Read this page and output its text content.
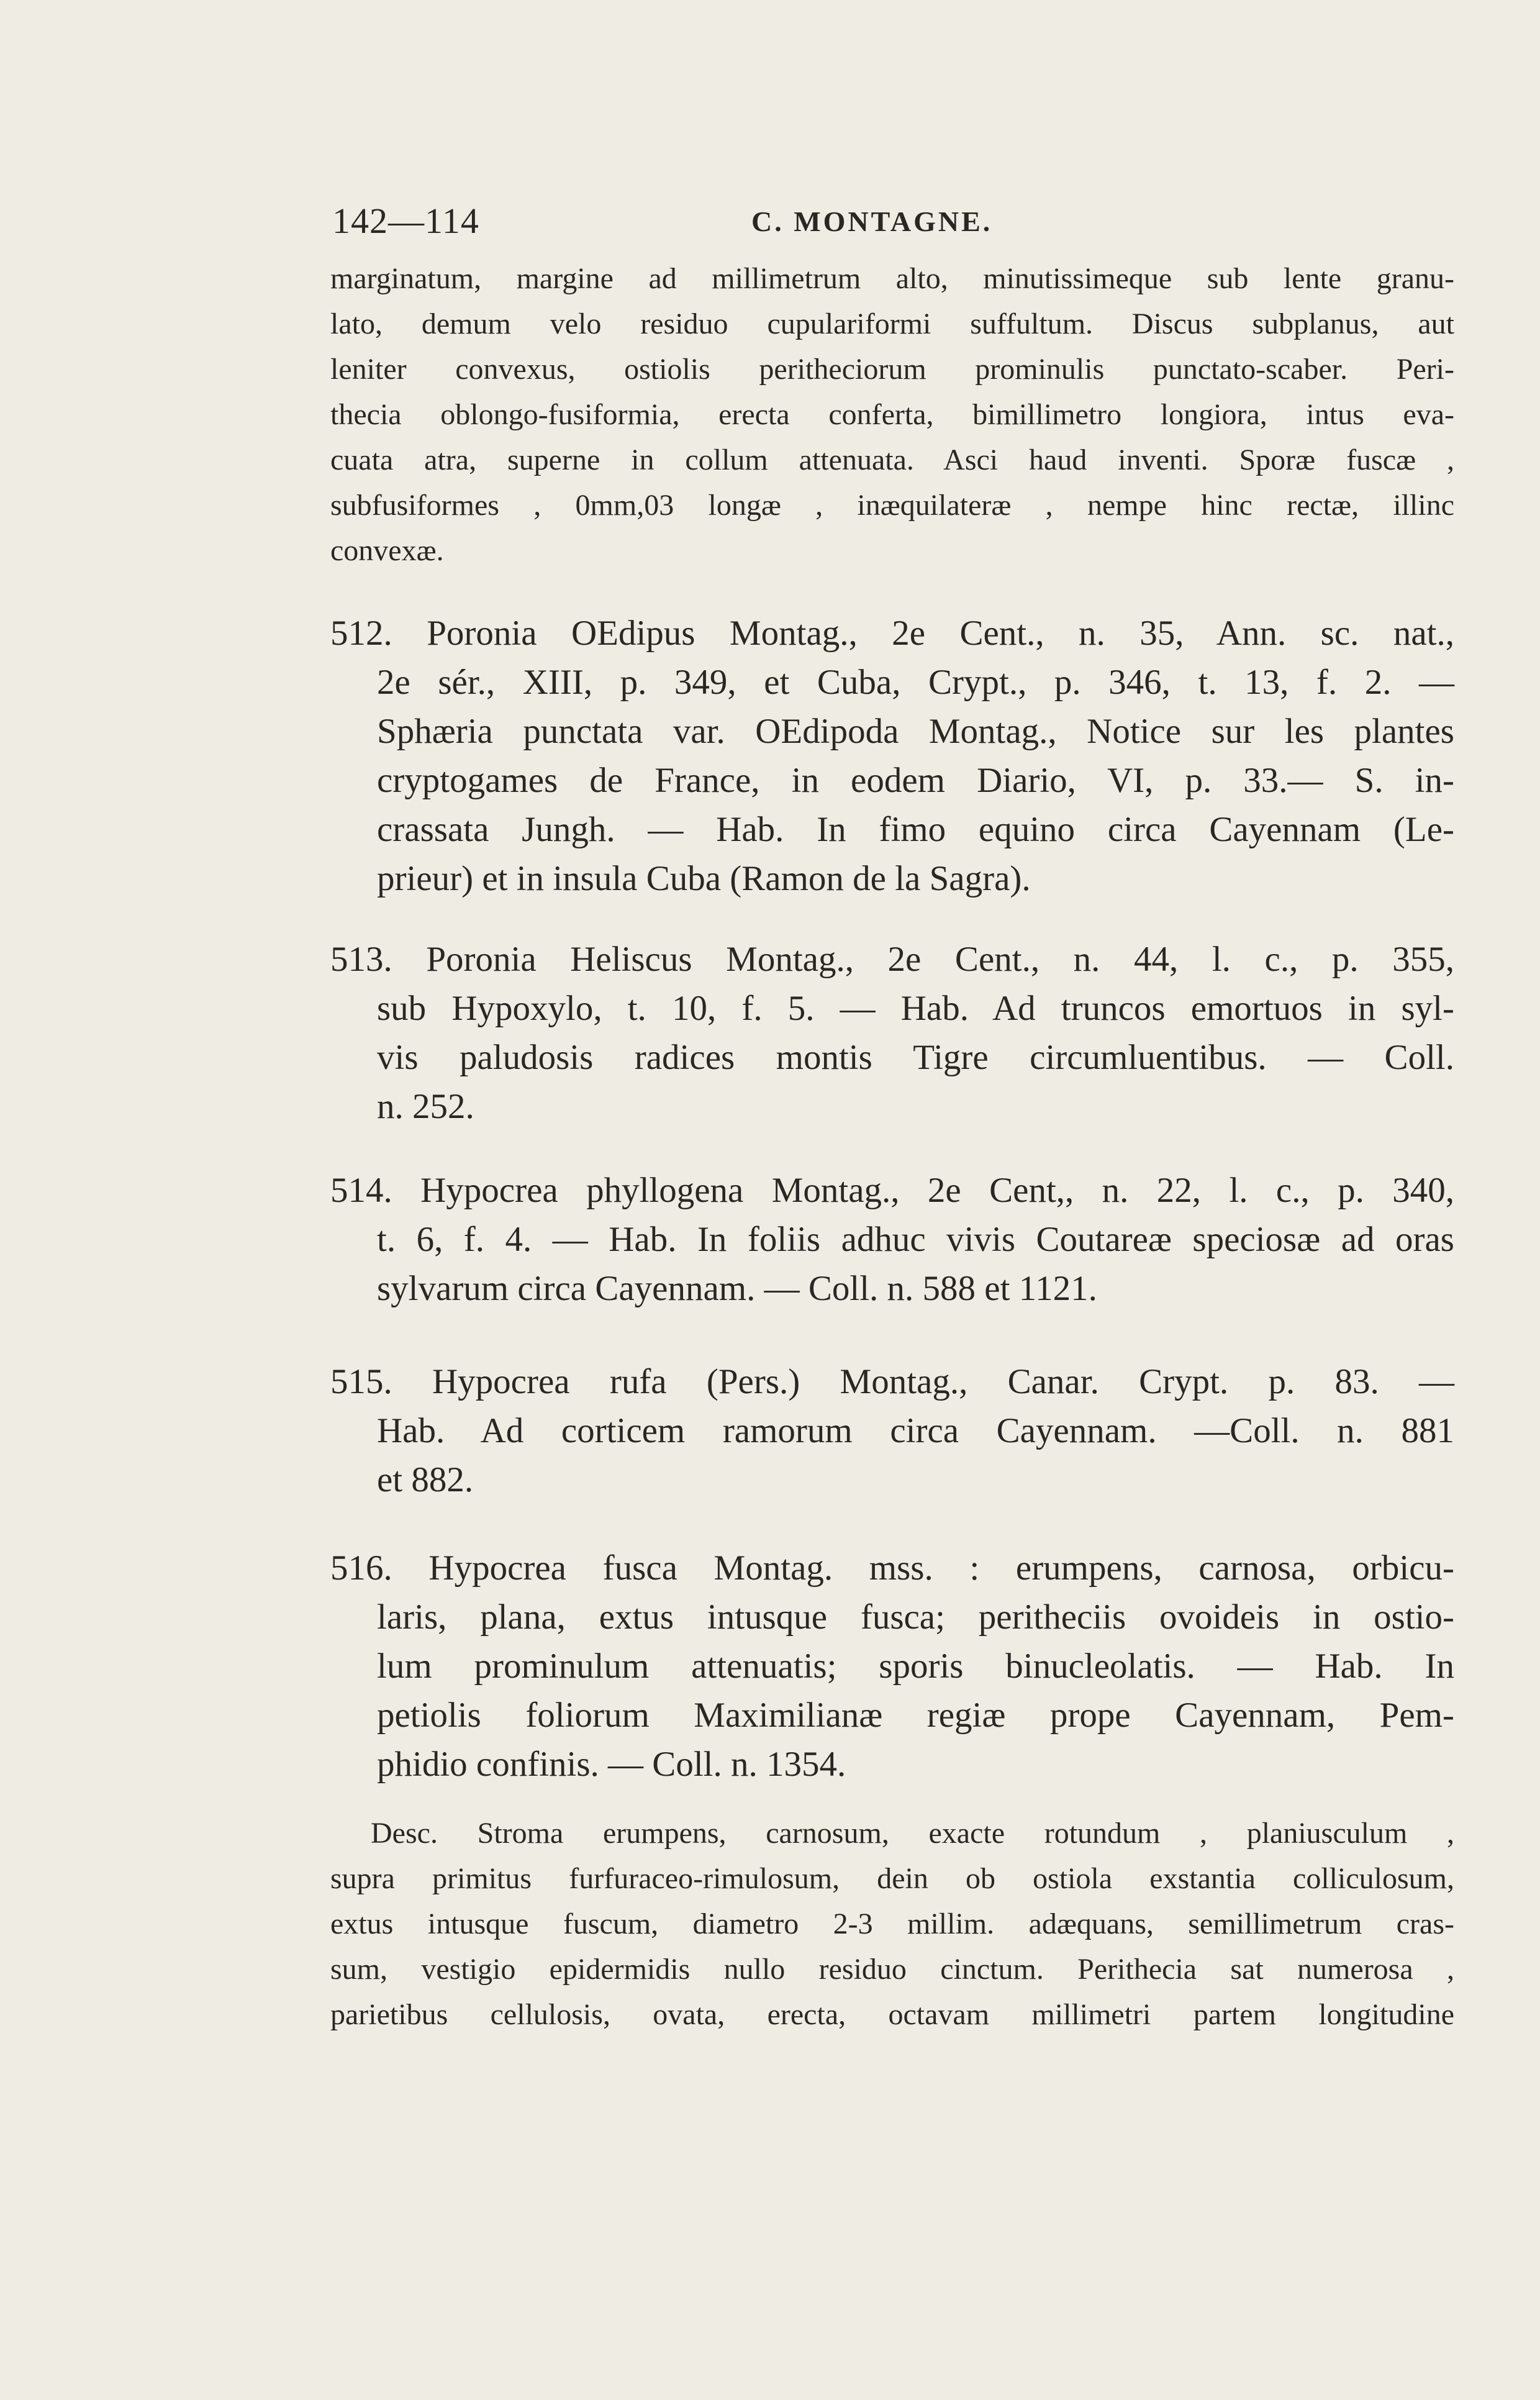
142—114	C. MONTAGNE.
marginatum, margine ad millimetrum alto, minutissimeque sub lente granu-
lato, demum velo residuo cupulariformi suffultum. Discus subplanus, aut
leniter convexus, ostiolis peritheciorum prominulis punctato-scaber. Peri-
thecia oblongo-fusiformia, erecta conferta, bimillimetro longiora, intus eva-
cuata atra, superne in collum attenuata. Asci haud inventi. Sporæ fuscæ ,
subfusiformes , 0mm,03 longæ , inæquilateræ , nempe hinc rectæ, illinc
convexæ.
512. Poronia OEdipus Montag., 2e Cent., n. 35, Ann. sc. nat.,
2e sér., XIII, p. 349, et Cuba, Crypt., p. 346, t. 13, f. 2. —
Sphæria punctata var. OEdipoda Montag., Notice sur les plantes
cryptogames de France, in eodem Diario, VI, p. 33.— S. in-
crassata Jungh. — Hab. In fimo equino circa Cayennam (Le-
prieur) et in insula Cuba (Ramon de la Sagra).
513. Poronia Heliscus Montag., 2e Cent., n. 44, l. c., p. 355,
sub Hypoxylo, t. 10, f. 5. — Hab. Ad truncos emortuos in syl-
vis paludosis radices montis Tigre circumluentibus. — Coll.
n. 252.
514. Hypocrea phyllogena Montag., 2e Cent,, n. 22, l. c., p. 340,
t. 6, f. 4. — Hab. In foliis adhuc vivis Coutareæ speciosæ ad oras
sylvarum circa Cayennam. — Coll. n. 588 et 1121.
515. Hypocrea rufa (Pers.) Montag., Canar. Crypt. p. 83. —
Hab. Ad corticem ramorum circa Cayennam. —Coll. n. 881
et 882.
516. Hypocrea fusca Montag. mss. : erumpens, carnosa, orbicu-
laris, plana, extus intusque fusca; peritheciis ovoideis in ostio-
lum prominulum attenuatis; sporis binucleolatis. — Hab. In
petiolis foliorum Maximilianæ regiæ prope Cayennam, Pem-
phidio confinis. — Coll. n. 1354.
Desc. Stroma erumpens, carnosum, exacte rotundum , planiusculum ,
supra primitus furfuraceo-rimulosum, dein ob ostiola exstantia colliculosum,
extus intusque fuscum, diametro 2-3 millim. adæquans, semillimetrum cras-
sum, vestigio epidermidis nullo residuo cinctum. Perithecia sat numerosa ,
parietibus cellulosis, ovata, erecta, octavam millimetri partem longitudine
